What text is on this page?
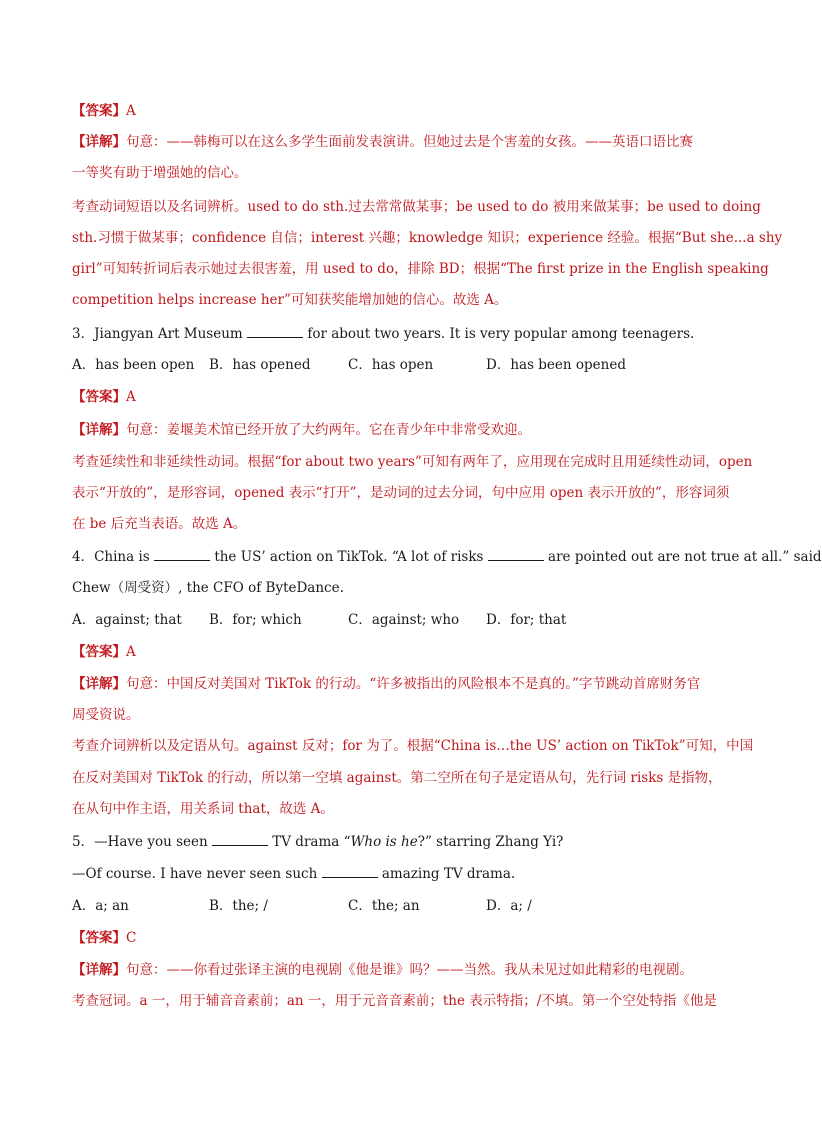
【答案】A
【详解】句意：——韩梅可以在这么多学生面前发表演讲。但她过去是个害羞的女孩。——英语口语比赛
一等奖有助于增强她的信心。
考查动词短语以及名词辨析。used to do sth.过去常常做某事；be used to do 被用来做某事；be used to doing
sth.习惯于做某事；confidence 自信；interest 兴趣；knowledge 知识；experience 经验。根据“But she...a shy
girl”可知转折词后表示她过去很害羞，用 used to do，排除 BD；根据“The first prize in the English speaking
competition helps increase her”可知获奖能增加她的信心。故选 A。
3．Jiangyan Art Museum	for about two years. It is very popular among teenagers.
A．has been open B．has opened	C．has open	D．has been opened
【答案】A
【详解】句意：姜堰美术馆已经开放了大约两年。它在青少年中非常受欢迎。
考查延续性和非延续性动词。根据“for about two years”可知有两年了，应用现在完成时且用延续性动词，open
表示“开放的”，是形容词，opened 表示“打开”，是动词的过去分词，句中应用 open 表示开放的”，形容词须
在 be 后充当表语。故选 A。
4．China is	the US’ action on TikTok. “A lot of risks	are pointed out are not true at all.” said
Chew（周受资）, the CFO of ByteDance.
A．against; that B．for; which	C．against; who D．for; that
【答案】A
【详解】句意：中国反对美国对 TikTok 的行动。“许多被指出的风险根本不是真的。”字节跳动首席财务官
周受资说。
考查介词辨析以及定语从句。against 反对；for 为了。根据“China is…the US’ action on TikTok”可知，中国
在反对美国对 TikTok 的行动，所以第一空填 against。第二空所在句子是定语从句，先行词 risks 是指物，
在从句中作主语，用关系词 that，故选 A。
5．—Have you seen	TV drama “Who is he?” starring Zhang Yi?
—Of course. I have never seen such	amazing TV drama.
A．a; an	B．the; /	C．the; an	D．a; /
【答案】C
【详解】句意：——你看过张译主演的电视剧《他是谁》吗？——当然。我从未见过如此精彩的电视剧。
考查冠词。a 一，用于辅音音素前；an 一，用于元音音素前；the 表示特指；/不填。第一个空处特指《他是
